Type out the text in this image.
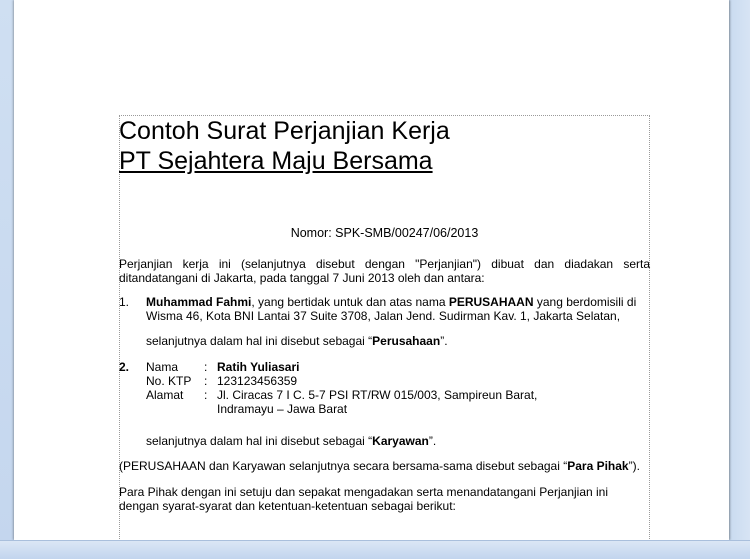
Contoh Surat Perjanjian Kerja

PT Sejahtera Maju Bersama

Nomor: SPK-SMB/00247/06/2013

Perjanjian kerja ini (selanjutnya disebut dengan "Perjanjian") dibuat dan diadakan serta ditandatangani di Jakarta, pada tanggal 7 Juni 2013 oleh dan antara:

1. Muhammad Fahmi, yang bertidak untuk dan atas nama PERUSAHAAN yang berdomisili di Wisma 46, Kota BNI Lantai 37 Suite 3708, Jalan Jend. Sudirman Kav. 1, Jakarta Selatan,

selanjutnya dalam hal ini disebut sebagai “Perusahaan”.

2. Nama	:	Ratih Yuliasari
No. KTP	:	123123456359
Alamat	:	Jl. Ciracas 7 I C. 5-7 PSI RT/RW 015/003, Sampireun Barat,
Indramayu – Jawa Barat

selanjutnya dalam hal ini disebut sebagai “Karyawan”.

(PERUSAHAAN dan Karyawan selanjutnya secara bersama-sama disebut sebagai “Para Pihak”).

Para Pihak dengan ini setuju dan sepakat mengadakan serta menandatangani Perjanjian ini dengan syarat-syarat dan ketentuan-ketentuan sebagai berikut:
